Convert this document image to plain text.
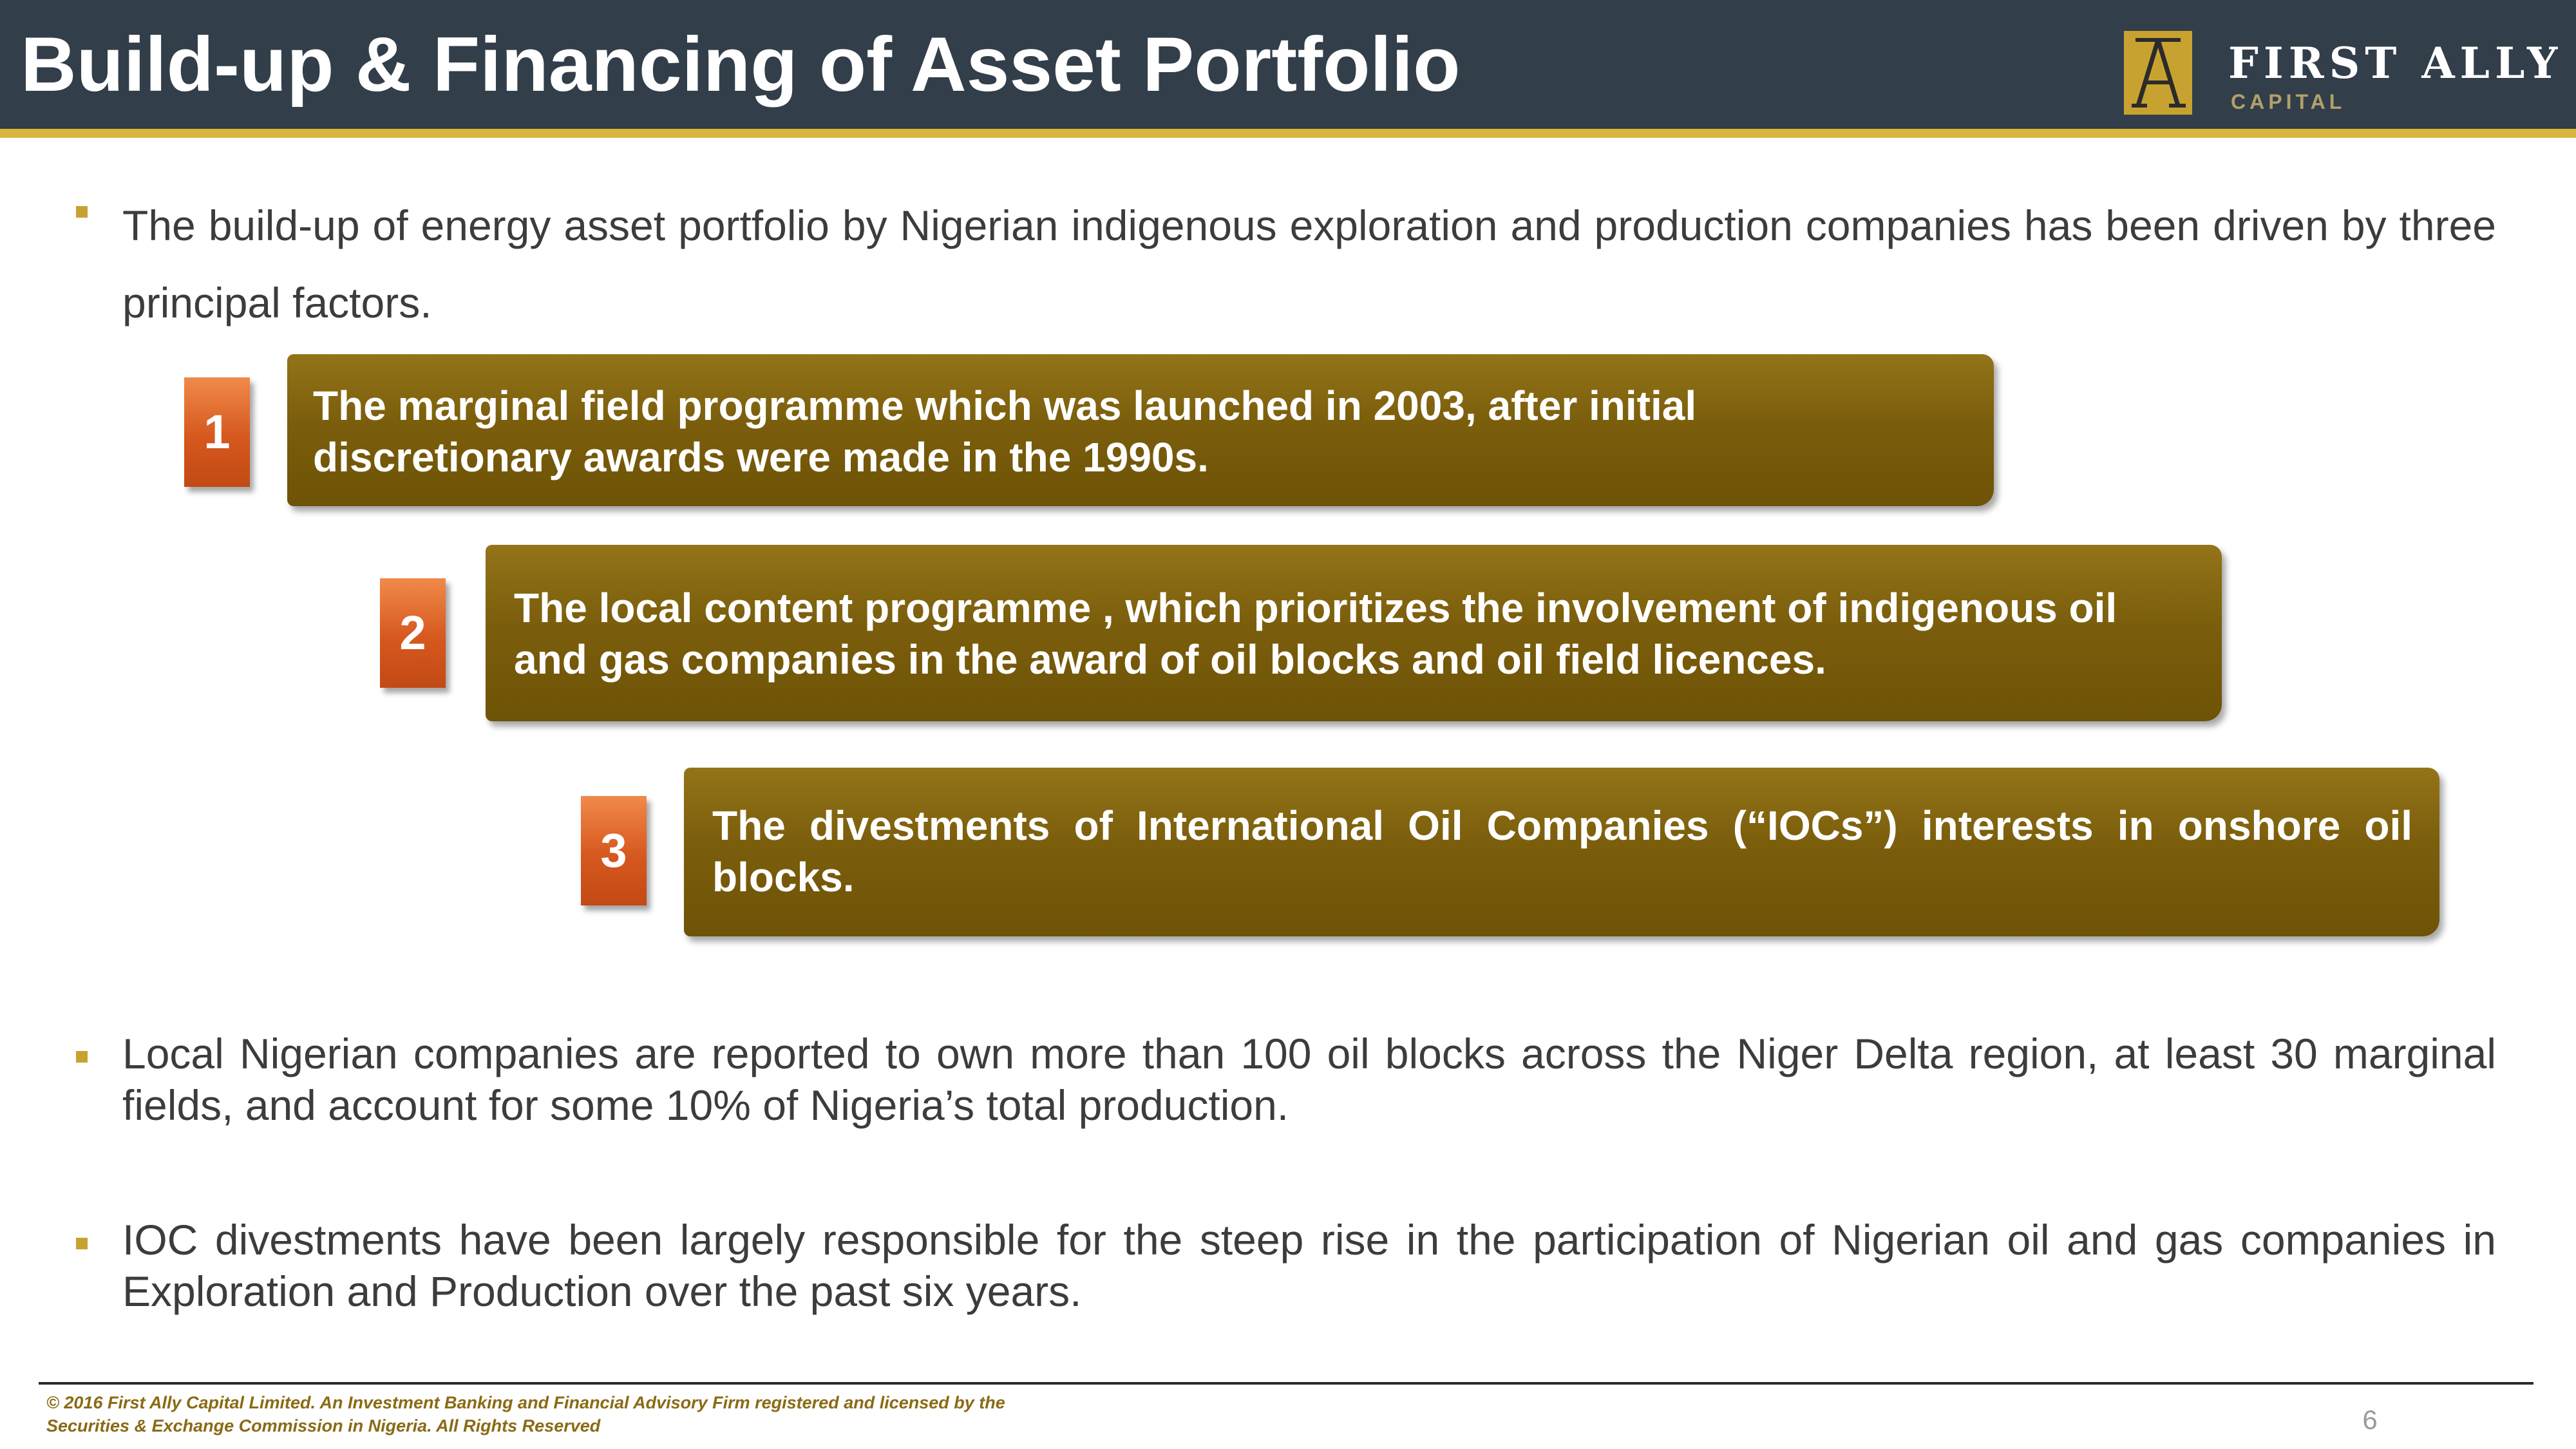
Build-up & Financing of Asset Portfolio	FIRST ALLY
CAPITAL
The build-up of energy asset portfolio by Nigerian indigenous exploration and production companies has been driven by three principal factors.
1	The marginal field programme which was launched in 2003, after initial discretionary awards were made in the 1990s.
2	The local content programme , which prioritizes the involvement of indigenous oil and gas companies in the award of oil blocks and oil field licences.
3	The divestments of International Oil Companies (“IOCs”) interests in onshore oil blocks.
Local Nigerian companies are reported to own more than 100 oil blocks across the Niger Delta region, at least 30 marginal fields, and account for some 10% of Nigeria’s total production.
IOC divestments have been largely responsible for the steep rise in the participation of Nigerian oil and gas companies in Exploration and Production over the past six years.
© 2016 First Ally Capital Limited. An Investment Banking and Financial Advisory Firm registered and licensed by the Securities & Exchange Commission in Nigeria. All Rights Reserved	6
